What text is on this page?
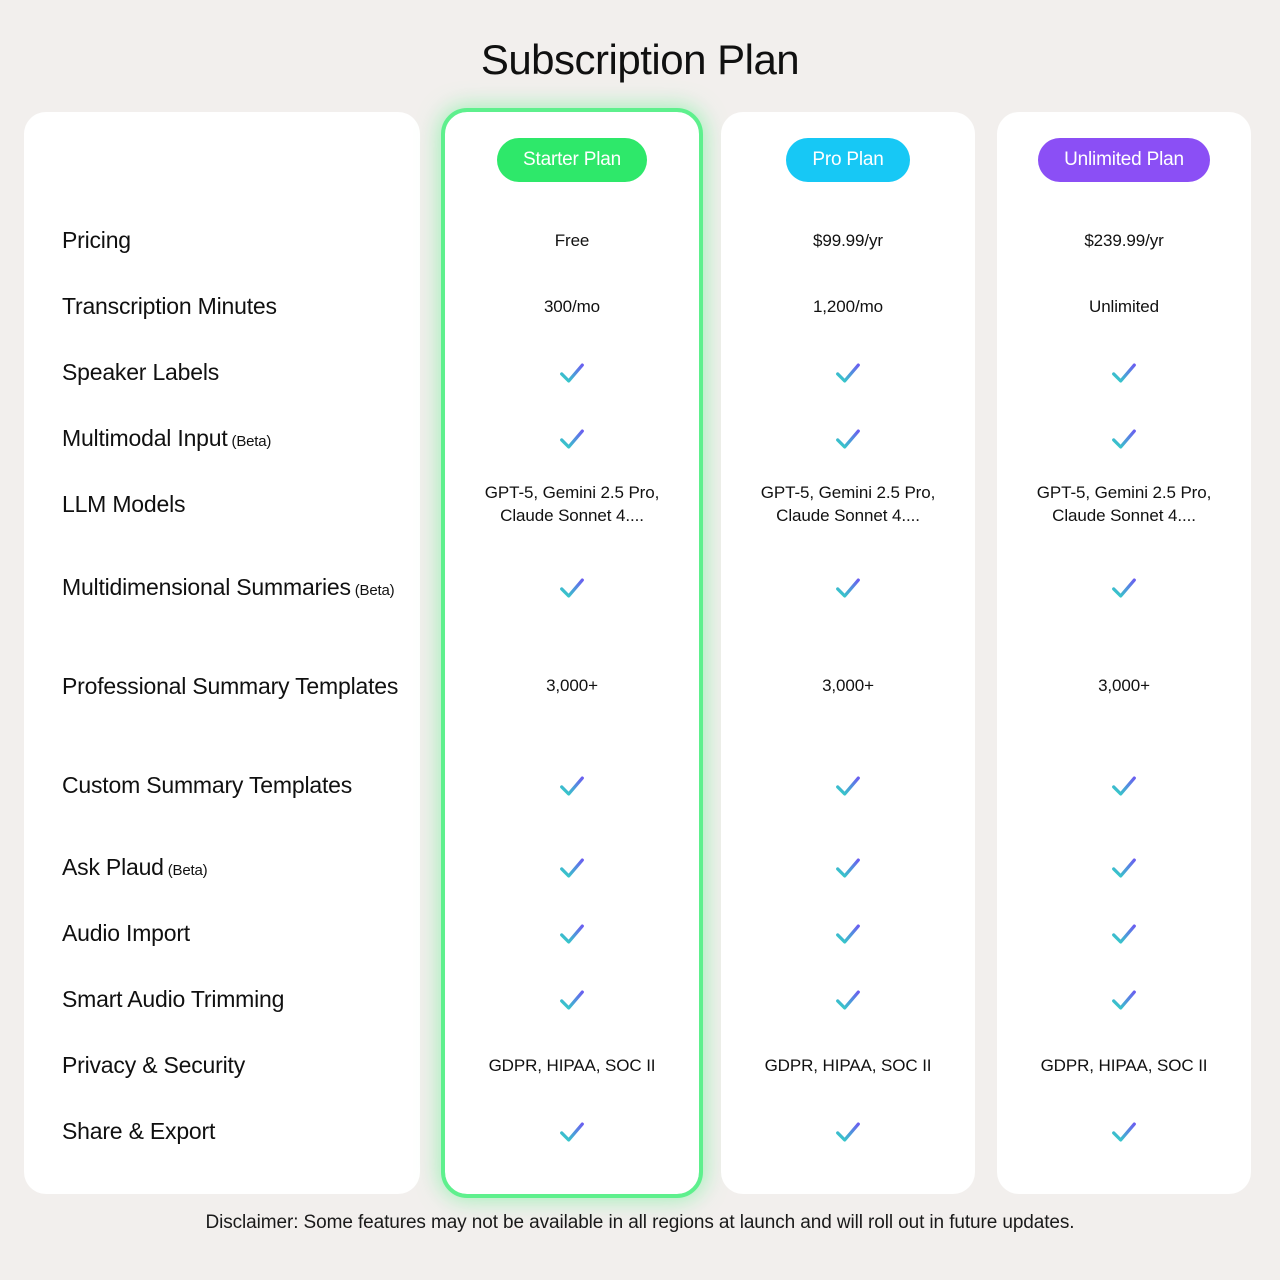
Subscription Plan
Pricing
Transcription Minutes
Speaker Labels
Multimodal Input (Beta)
LLM Models
Multidimensional Summaries (Beta)
Professional Summary Templates
Custom Summary Templates
Ask Plaud (Beta)
Audio Import
Smart Audio Trimming
Privacy & Security
Share & Export
Starter Plan
Free
300/mo
GPT-5, Gemini 2.5 Pro, Claude Sonnet 4....
3,000+
GDPR, HIPAA, SOC II
Pro Plan
$99.99/yr
1,200/mo
GPT-5, Gemini 2.5 Pro, Claude Sonnet 4....
3,000+
GDPR, HIPAA, SOC II
Unlimited Plan
$239.99/yr
Unlimited
GPT-5, Gemini 2.5 Pro, Claude Sonnet 4....
3,000+
GDPR, HIPAA, SOC II
Disclaimer: Some features may not be available in all regions at launch and will roll out in future updates.
